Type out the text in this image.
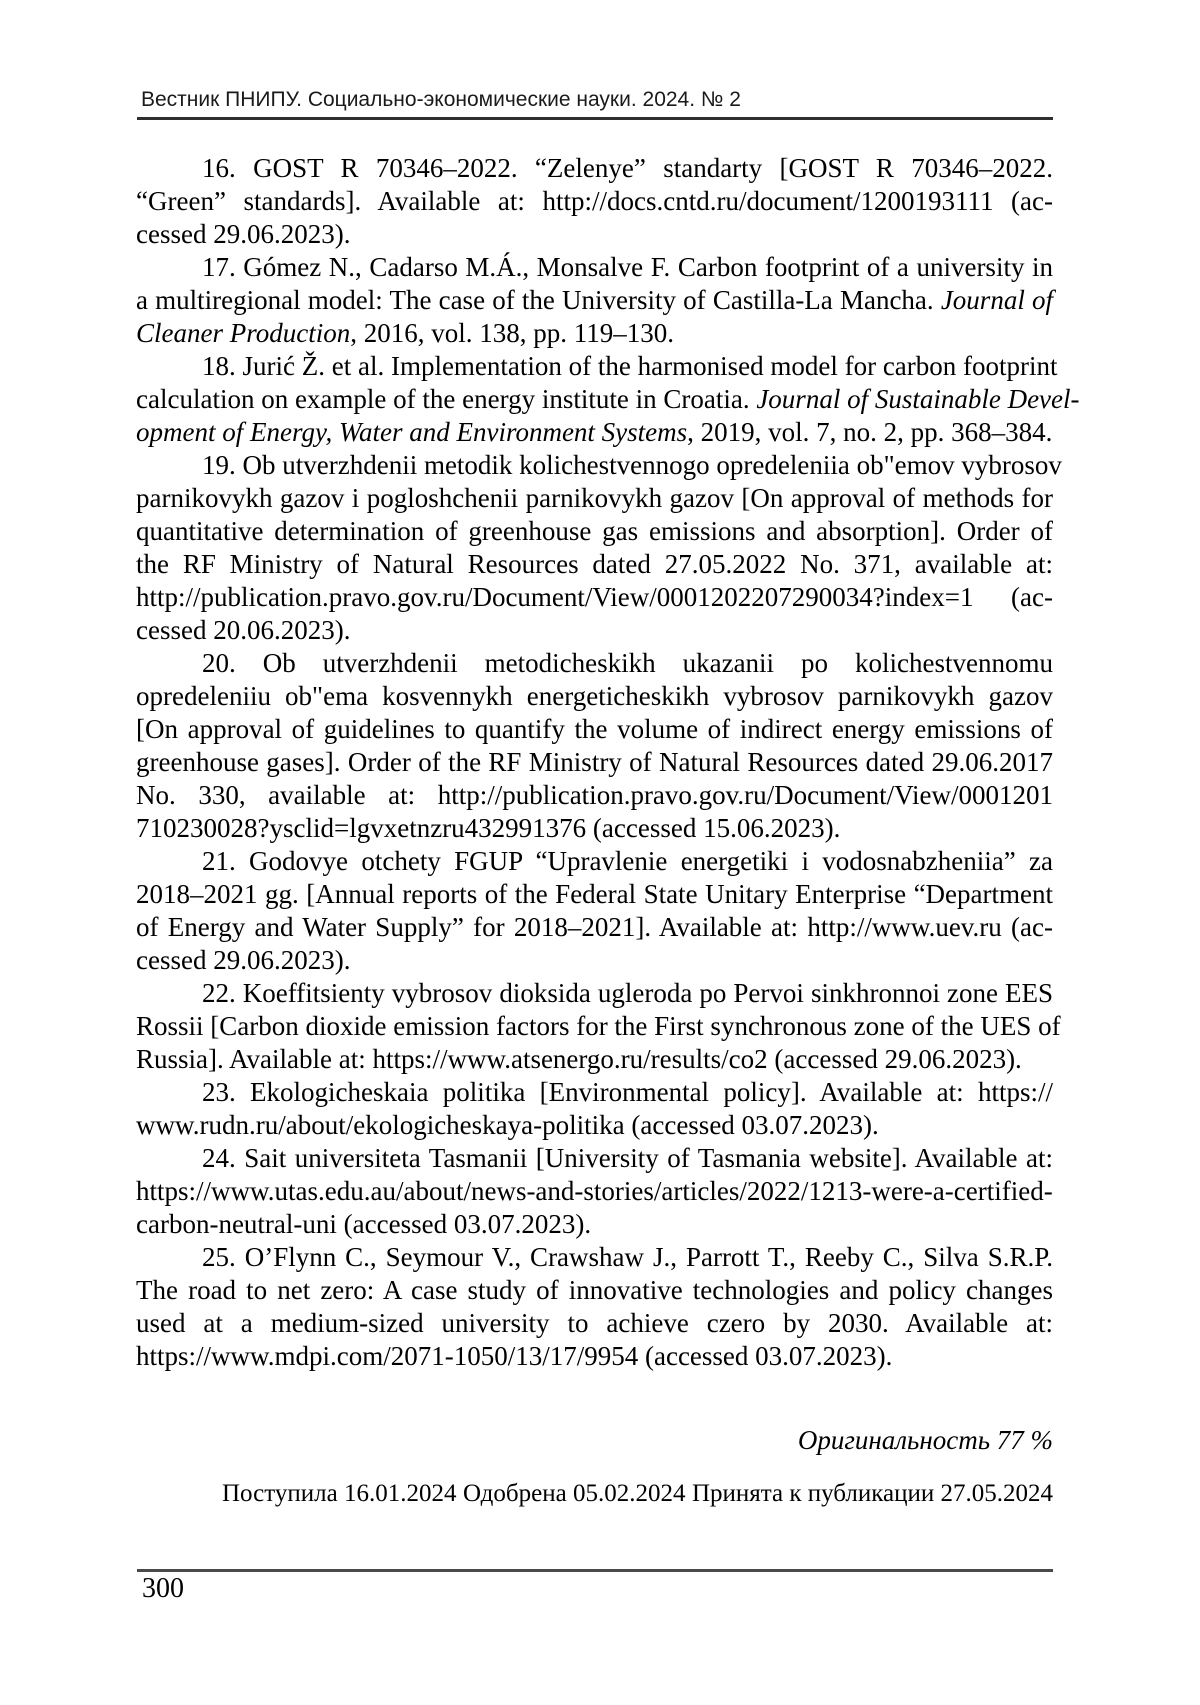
Вестник ПНИПУ. Социально-экономические науки. 2024. № 2
16. GOST R 70346–2022. “Zelenye” standarty [GOST R 70346–2022.
“Green” standards]. Available at: http://docs.cntd.ru/document/1200193111 (ac-
cessed 29.06.2023).
17. Gómez N., Cadarso M.Á., Monsalve F. Carbon footprint of a university in
a multiregional model: The case of the University of Castilla-La Mancha. Journal of
Cleaner Production, 2016, vol. 138, pp. 119–130.
18. Jurić Ž. et al. Implementation of the harmonised model for carbon footprint
calculation on example of the energy institute in Croatia. Journal of Sustainable Devel-
opment of Energy, Water and Environment Systems, 2019, vol. 7, no. 2, pp. 368–384.
19. Ob utverzhdenii metodik kolichestvennogo opredeleniia ob"emov vybrosov
parnikovykh gazov i pogloshchenii parnikovykh gazov [On approval of methods for
quantitative determination of greenhouse gas emissions and absorption]. Order of
the RF Ministry of Natural Resources dated 27.05.2022 No. 371, available at:
http://publication.pravo.gov.ru/Document/View/0001202207290034?index=1 (ac-
cessed 20.06.2023).
20. Ob utverzhdenii metodicheskikh ukazanii po kolichestvennomu
opredeleniiu ob"ema kosvennykh energeticheskikh vybrosov parnikovykh gazov
[On approval of guidelines to quantify the volume of indirect energy emissions of
greenhouse gases]. Order of the RF Ministry of Natural Resources dated 29.06.2017
No. 330, available at: http://publication.pravo.gov.ru/Document/View/0001201
710230028?ysclid=lgvxetnzru432991376 (accessed 15.06.2023).
21. Godovye otchety FGUP “Upravlenie energetiki i vodosnabzheniia” za
2018–2021 gg. [Annual reports of the Federal State Unitary Enterprise “Department
of Energy and Water Supply” for 2018–2021]. Available at: http://www.uev.ru (ac-
cessed 29.06.2023).
22. Koeffitsienty vybrosov dioksida ugleroda po Pervoi sinkhronnoi zone EES
Rossii [Carbon dioxide emission factors for the First synchronous zone of the UES of
Russia]. Available at: https://www.atsenergo.ru/results/co2 (accessed 29.06.2023).
23. Ekologicheskaia politika [Environmental policy]. Available at: https://
www.rudn.ru/about/ekologicheskaya-politika (accessed 03.07.2023).
24. Sait universiteta Tasmanii [University of Tasmania website]. Available at:
https://www.utas.edu.au/about/news-and-stories/articles/2022/1213-were-a-certified-
carbon-neutral-uni (accessed 03.07.2023).
25. O’Flynn C., Seymour V., Crawshaw J., Parrott T., Reeby C., Silva S.R.P.
The road to net zero: A case study of innovative technologies and policy changes
used at a medium-sized university to achieve czero by 2030. Available at:
https://www.mdpi.com/2071-1050/13/17/9954 (accessed 03.07.2023).
Оригинальность 77 %
Поступила 16.01.2024 Одобрена 05.02.2024 Принята к публикации 27.05.2024
300
